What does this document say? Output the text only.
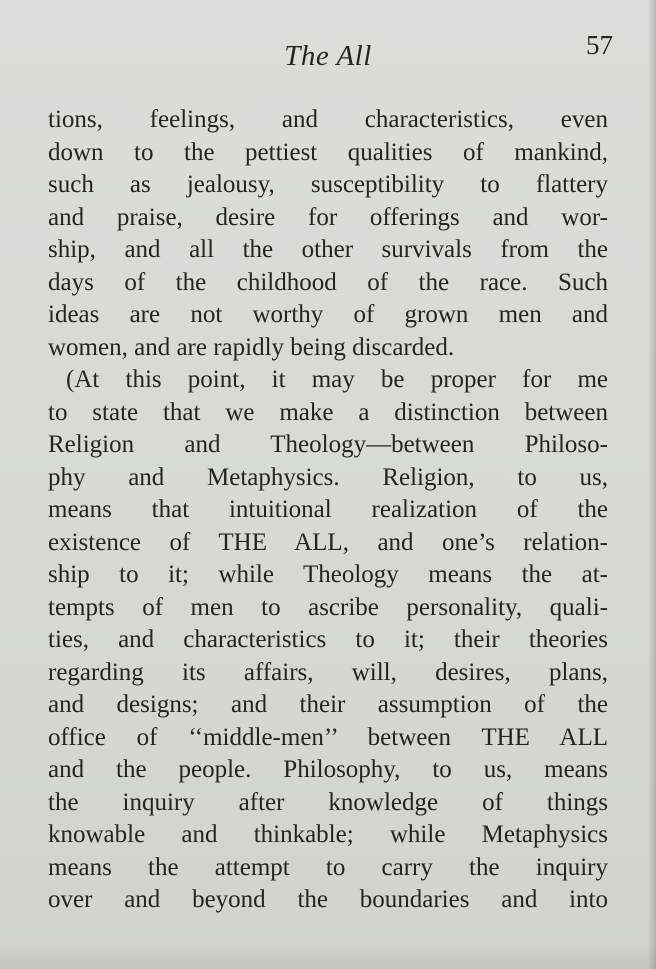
The All	57
tions, feelings, and characteristics, even
down to the pettiest qualities of mankind,
such as jealousy, susceptibility to flattery
and praise, desire for offerings and wor-
ship, and all the other survivals from the
days of the childhood of the race. Such
ideas are not worthy of grown men and
women, and are rapidly being discarded.
(At this point, it may be proper for me
to state that we make a distinction between
Religion and Theology—between Philoso-
phy and Metaphysics. Religion, to us,
means that intuitional realization of the
existence of THE ALL, and one’s relation-
ship to it; while Theology means the at-
tempts of men to ascribe personality, quali-
ties, and characteristics to it; their theories
regarding its affairs, will, desires, plans,
and designs; and their assumption of the
office of ‘‘middle-men’’ between THE ALL
and the people. Philosophy, to us, means
the inquiry after knowledge of things
knowable and thinkable; while Metaphysics
means the attempt to carry the inquiry
over and beyond the boundaries and into
